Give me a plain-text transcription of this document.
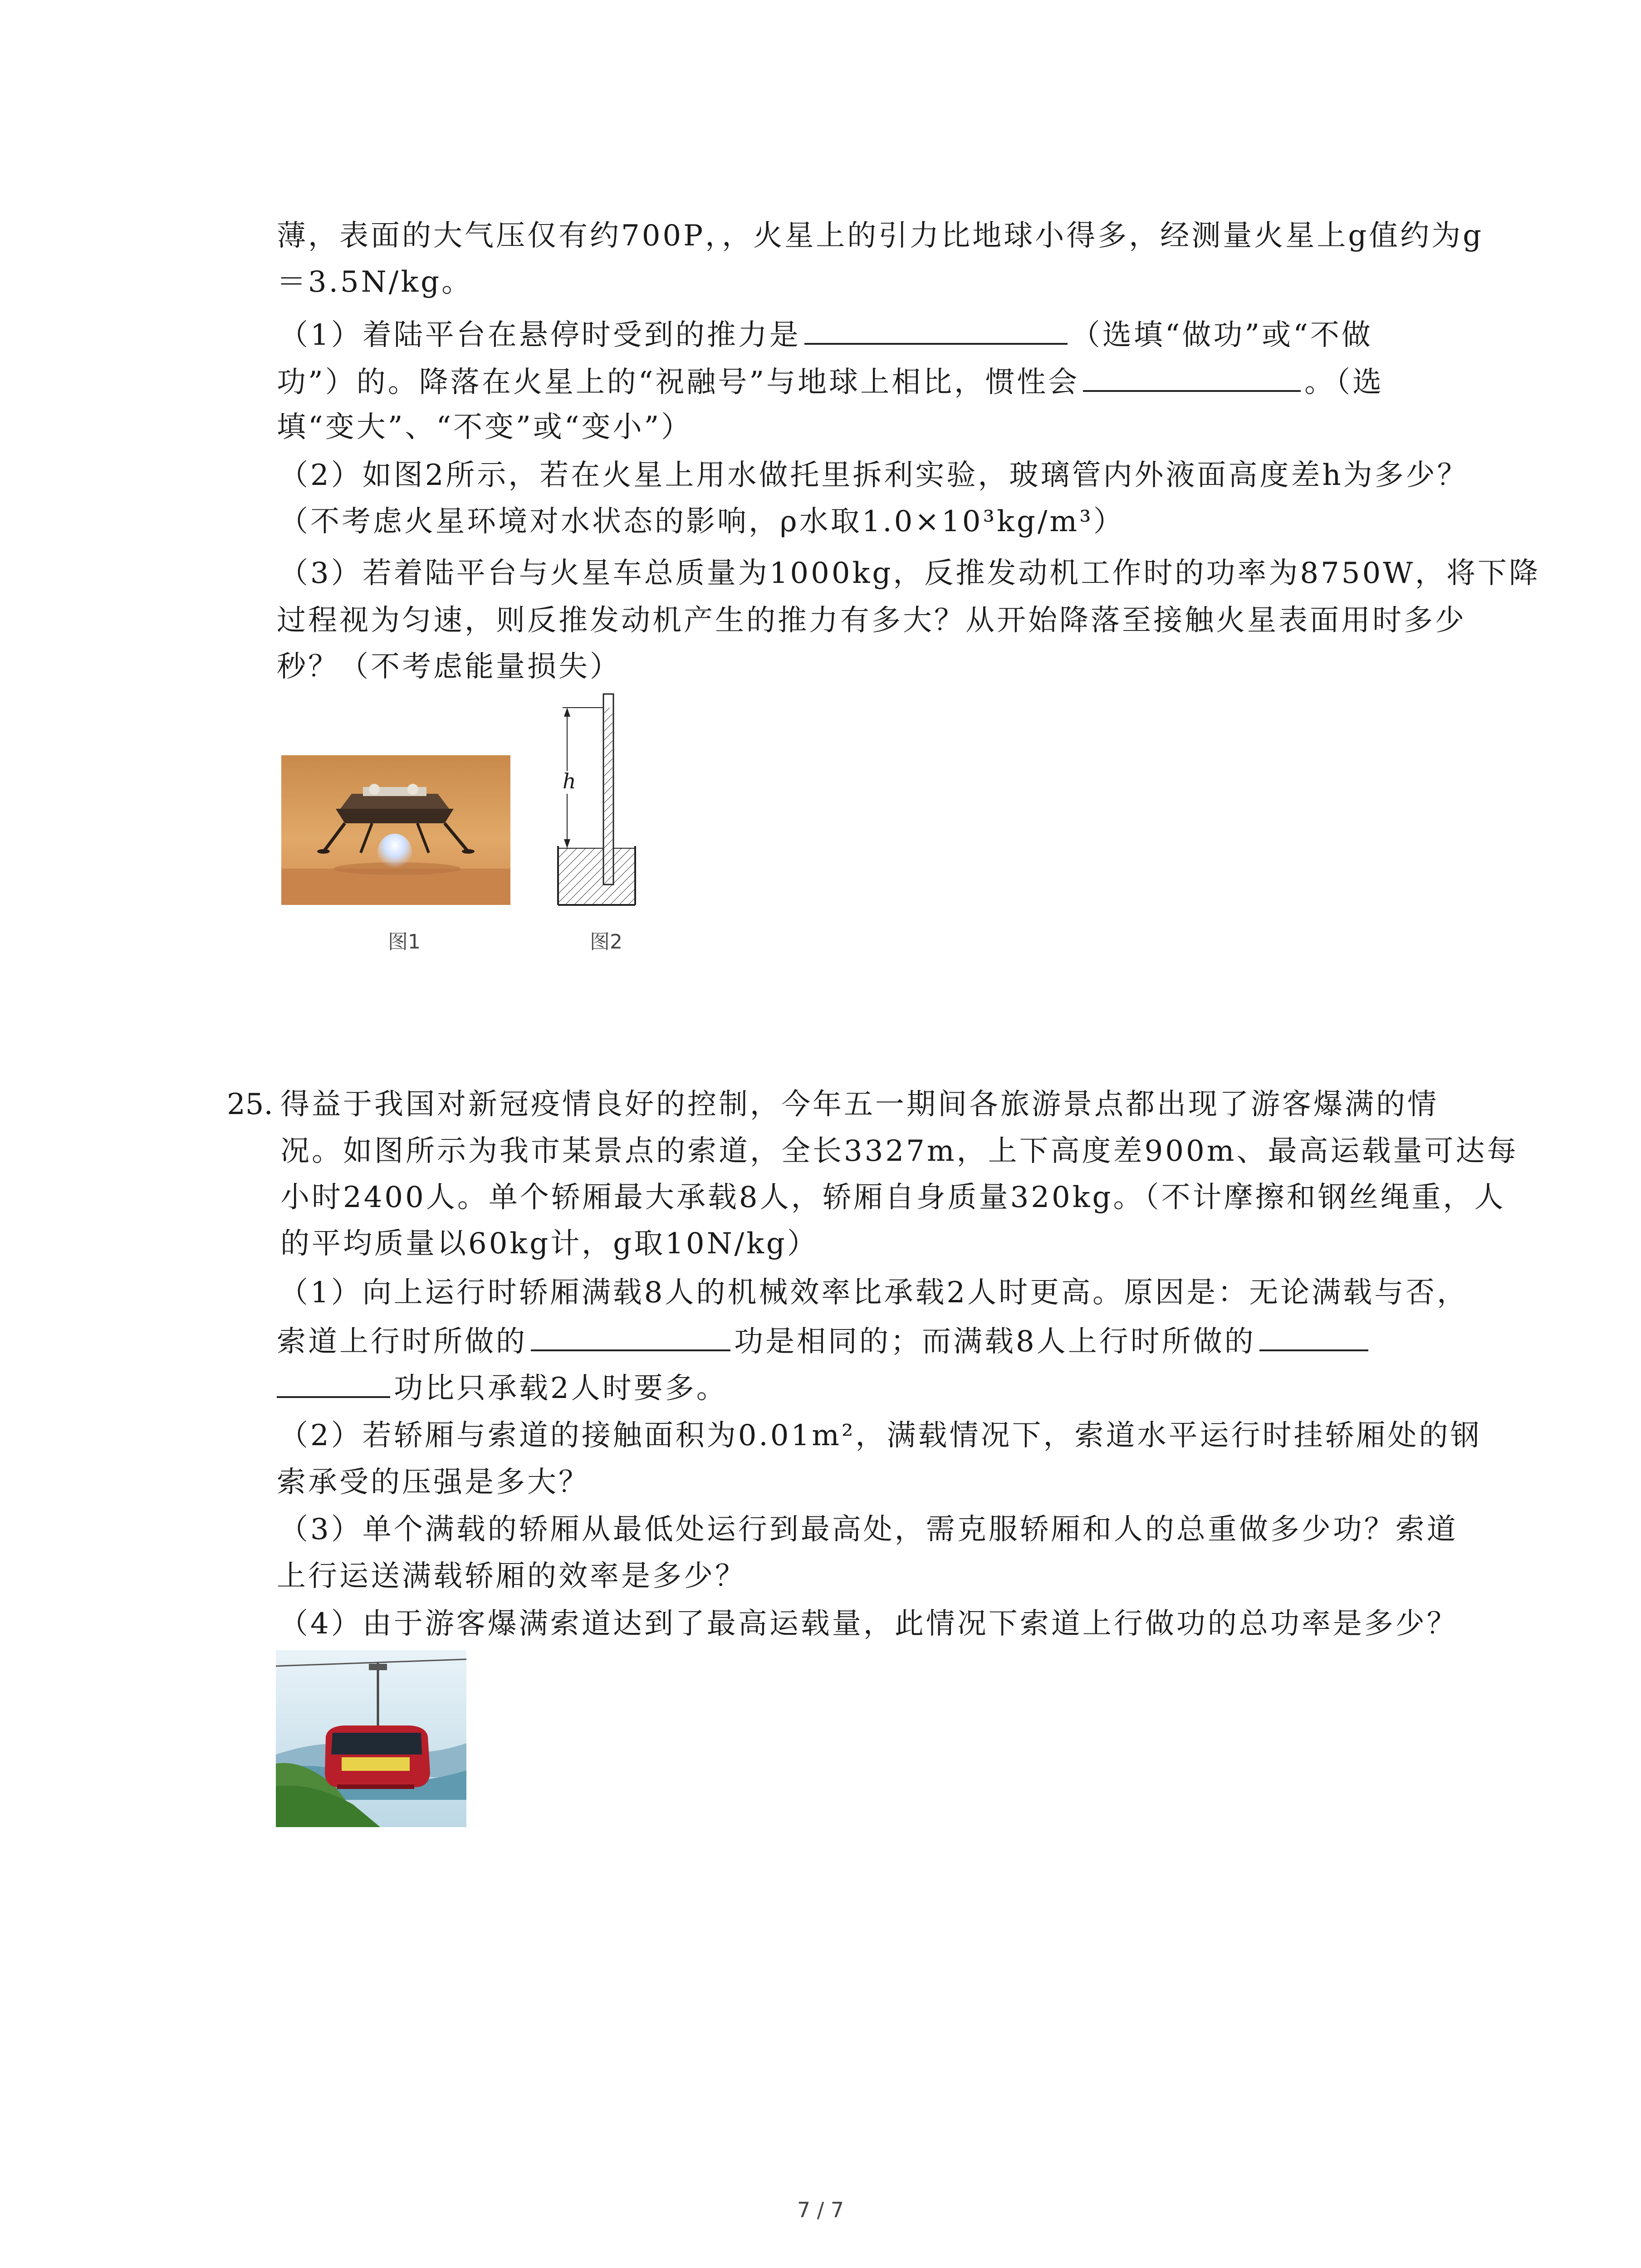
薄，表面的大气压仅有约700P，，火星上的引力比地球小得多，经测量火星上g值约为g
＝3.5N/kg。
（1）着陆平台在悬停时受到的推力是	（选填“做功”或“不做
功”）的。降落在火星上的“祝融号”与地球上相比，惯性会	。（选
填“变大”、“不变”或“变小”）
（2）如图2所示，若在火星上用水做托里拆利实验，玻璃管内外液面高度差h为多少？
（不考虑火星环境对水状态的影响，ρ水取1.0×10³kg/m³）
（3）若着陆平台与火星车总质量为1000kg，反推发动机工作时的功率为8750W，将下降
过程视为匀速，则反推发动机产生的推力有多大？从开始降落至接触火星表面用时多少
秒？（不考虑能量损失）
图1
h
图2
25. 得益于我国对新冠疫情良好的控制，今年五一期间各旅游景点都出现了游客爆满的情
况。如图所示为我市某景点的索道，全长3327m，上下高度差900m、最高运载量可达每
小时2400人。单个轿厢最大承载8人，轿厢自身质量320kg。（不计摩擦和钢丝绳重，人
的平均质量以60kg计，g取10N/kg）
（1）向上运行时轿厢满载8人的机械效率比承载2人时更高。原因是：无论满载与否，
索道上行时所做的	功是相同的；而满载8人上行时所做的
功比只承载2人时要多。
（2）若轿厢与索道的接触面积为0.01m²，满载情况下，索道水平运行时挂轿厢处的钢
索承受的压强是多大？
（3）单个满载的轿厢从最低处运行到最高处，需克服轿厢和人的总重做多少功？索道
上行运送满载轿厢的效率是多少？
（4）由于游客爆满索道达到了最高运载量，此情况下索道上行做功的总功率是多少？
7 / 7
